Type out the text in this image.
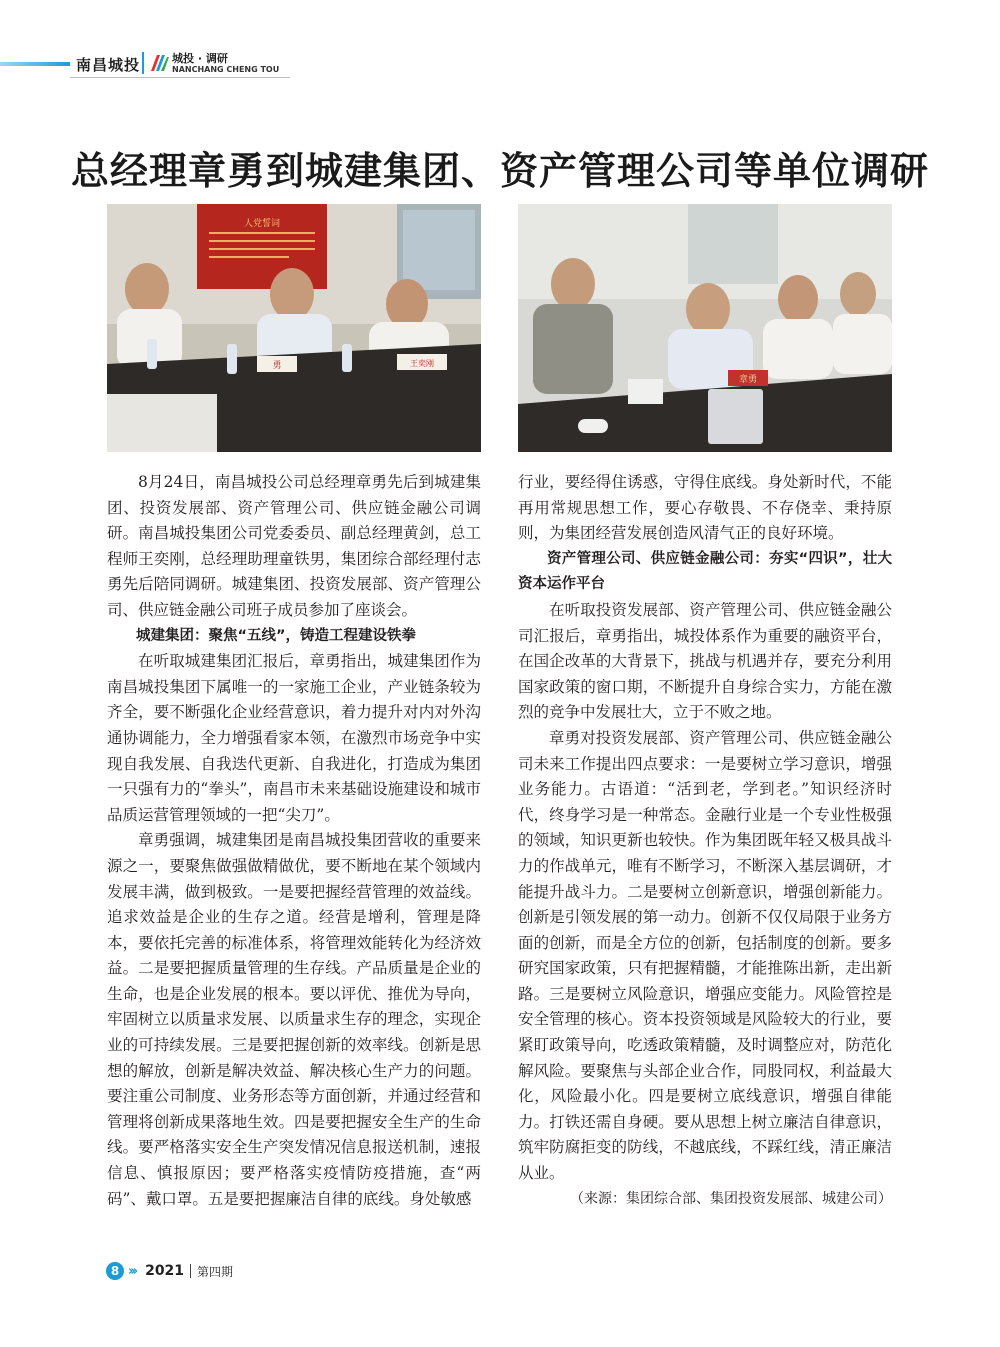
南昌城投	城投 · 调研
NANCHANG CHENG TOU
总经理章勇到城建集团、资产管理公司等单位调研
人党誓词
勇	王奕刚
章勇

8月24日，南昌城投公司总经理章勇先后到城建集团、投资发展部、资产管理公司、供应链金融公司调研。南昌城投集团公司党委委员、副总经理黄剑，总工程师王奕刚，总经理助理童铁男，集团综合部经理付志勇先后陪同调研。城建集团、投资发展部、资产管理公司、供应链金融公司班子成员参加了座谈会。

城建集团：聚焦“五线”，铸造工程建设铁拳

在听取城建集团汇报后，章勇指出，城建集团作为南昌城投集团下属唯一的一家施工企业，产业链条较为齐全，要不断强化企业经营意识，着力提升对内对外沟通协调能力，全力增强看家本领，在激烈市场竞争中实现自我发展、自我迭代更新、自我进化，打造成为集团一只强有力的“拳头”，南昌市未来基础设施建设和城市品质运营管理领域的一把“尖刀”。

章勇强调，城建集团是南昌城投集团营收的重要来源之一，要聚焦做强做精做优，要不断地在某个领域内发展丰满，做到极致。一是要把握经营管理的效益线。追求效益是企业的生存之道。经营是增利，管理是降本，要依托完善的标准体系，将管理效能转化为经济效益。二是要把握质量管理的生存线。产品质量是企业的生命，也是企业发展的根本。要以评优、推优为导向，牢固树立以质量求发展、以质量求生存的理念，实现企业的可持续发展。三是要把握创新的效率线。创新是思想的解放，创新是解决效益、解决核心生产力的问题。要注重公司制度、业务形态等方面创新，并通过经营和管理将创新成果落地生效。四是要把握安全生产的生命线。要严格落实安全生产突发情况信息报送机制，速报信息、慎报原因；要严格落实疫情防疫措施，查“两码”、戴口罩。五是要把握廉洁自律的底线。身处敏感

行业，要经得住诱惑，守得住底线。身处新时代，不能再用常规思想工作，要心存敬畏、不存侥幸、秉持原则，为集团经营发展创造风清气正的良好环境。

资产管理公司、供应链金融公司：夯实“四识”，壮大资本运作平台

在听取投资发展部、资产管理公司、供应链金融公司汇报后，章勇指出，城投体系作为重要的融资平台，在国企改革的大背景下，挑战与机遇并存，要充分利用国家政策的窗口期，不断提升自身综合实力，方能在激烈的竞争中发展壮大，立于不败之地。

章勇对投资发展部、资产管理公司、供应链金融公司未来工作提出四点要求：一是要树立学习意识，增强业务能力。古语道：“活到老，学到老。”知识经济时代，终身学习是一种常态。金融行业是一个专业性极强的领域，知识更新也较快。作为集团既年轻又极具战斗力的作战单元，唯有不断学习，不断深入基层调研，才能提升战斗力。二是要树立创新意识，增强创新能力。创新是引领发展的第一动力。创新不仅仅局限于业务方面的创新，而是全方位的创新，包括制度的创新。要多研究国家政策，只有把握精髓，才能推陈出新，走出新路。三是要树立风险意识，增强应变能力。风险管控是安全管理的核心。资本投资领域是风险较大的行业，要紧盯政策导向，吃透政策精髓，及时调整应对，防范化解风险。要聚焦与头部企业合作，同股同权，利益最大化，风险最小化。四是要树立底线意识，增强自律能力。打铁还需自身硬。要从思想上树立廉洁自律意识，筑牢防腐拒变的防线，不越底线，不踩红线，清正廉洁从业。

（来源：集团综合部、集团投资发展部、城建公司）

8 ››› 2021 第四期
